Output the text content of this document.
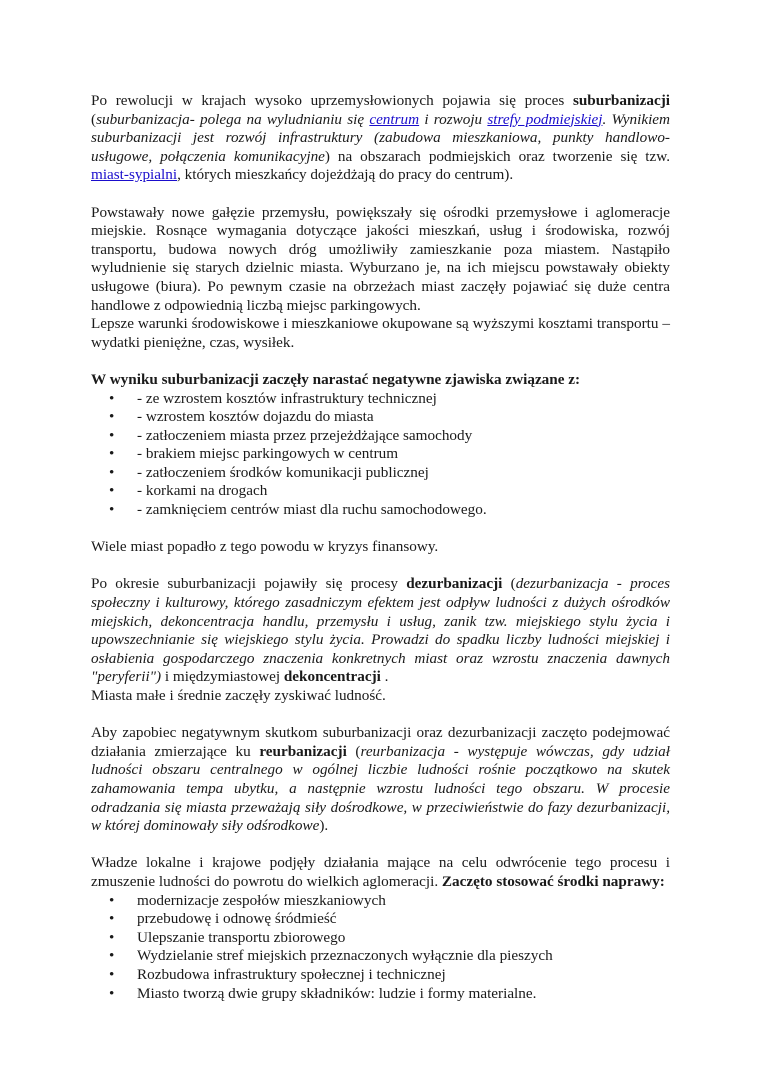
Po rewolucji w krajach wysoko uprzemysłowionych pojawia się proces suburbanizacji (suburbanizacja- polega na wyludnianiu się centrum i rozwoju strefy podmiejskiej. Wynikiem suburbanizacji jest rozwój infrastruktury (zabudowa mieszkaniowa, punkty handlowo-usługowe, połączenia komunikacyjne) na obszarach podmiejskich oraz tworzenie się tzw. miast-sypialni, których mieszkańcy dojeżdżają do pracy do centrum).

Powstawały nowe gałęzie przemysłu, powiększały się ośrodki przemysłowe i aglomeracje miejskie. Rosnące wymagania dotyczące jakości mieszkań, usług i środowiska, rozwój transportu, budowa nowych dróg umożliwiły zamieszkanie poza miastem. Nastąpiło wyludnienie się starych dzielnic miasta. Wyburzano je, na ich miejscu powstawały obiekty usługowe (biura). Po pewnym czasie na obrzeżach miast zaczęły pojawiać się duże centra handlowe z odpowiednią liczbą miejsc parkingowych.

Lepsze warunki środowiskowe i mieszkaniowe okupowane są wyższymi kosztami transportu – wydatki pieniężne, czas, wysiłek.

W wyniku suburbanizacji zaczęły narastać negatywne zjawiska związane z:

• - ze wzrostem kosztów infrastruktury technicznej
• - wzrostem kosztów dojazdu do miasta
• - zatłoczeniem miasta przez przejeżdżające samochody
• - brakiem miejsc parkingowych w centrum
• - zatłoczeniem środków komunikacji publicznej
• - korkami na drogach
• - zamknięciem centrów miast dla ruchu samochodowego.

Wiele miast popadło z tego powodu w kryzys finansowy.

Po okresie suburbanizacji pojawiły się procesy dezurbanizacji (dezurbanizacja - proces społeczny i kulturowy, którego zasadniczym efektem jest odpływ ludności z dużych ośrodków miejskich, dekoncentracja handlu, przemysłu i usług, zanik tzw. miejskiego stylu życia i upowszechnianie się wiejskiego stylu życia. Prowadzi do spadku liczby ludności miejskiej i osłabienia gospodarczego znaczenia konkretnych miast oraz wzrostu znaczenia dawnych "peryferii") i międzymiastowej dekoncentracji .

Miasta małe i średnie zaczęły zyskiwać ludność.

Aby zapobiec negatywnym skutkom suburbanizacji oraz dezurbanizacji zaczęto podejmować działania zmierzające ku reurbanizacji (reurbanizacja - występuje wówczas, gdy udział ludności obszaru centralnego w ogólnej liczbie ludności rośnie początkowo na skutek zahamowania tempa ubytku, a następnie wzrostu ludności tego obszaru. W procesie odradzania się miasta przeważają siły dośrodkowe, w przeciwieństwie do fazy dezurbanizacji, w której dominowały siły odśrodkowe).

Władze lokalne i krajowe podjęły działania mające na celu odwrócenie tego procesu i zmuszenie ludności do powrotu do wielkich aglomeracji. Zaczęto stosować środki naprawy:

• modernizacje zespołów mieszkaniowych
• przebudowę i odnowę śródmieść
• Ulepszanie transportu zbiorowego
• Wydzielanie stref miejskich przeznaczonych wyłącznie dla pieszych
• Rozbudowa infrastruktury społecznej i technicznej
• Miasto tworzą dwie grupy składników: ludzie i formy materialne.
